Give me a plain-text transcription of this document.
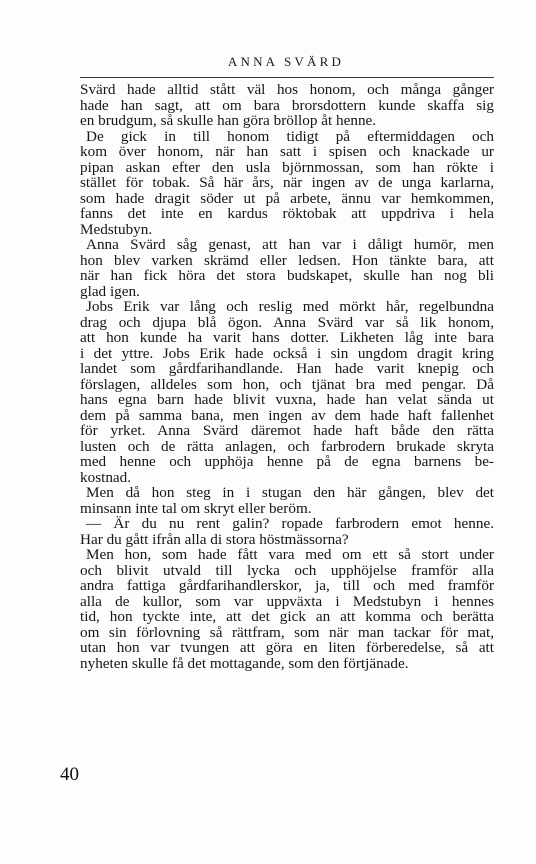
ANNA SVÄRD
Svärd hade alltid stått väl hos honom, och många gånger
hade han sagt, att om bara brorsdottern kunde skaffa sig
en brudgum, så skulle han göra bröllop åt henne.
De gick in till honom tidigt på eftermiddagen och
kom över honom, när han satt i spisen och knackade ur
pipan askan efter den usla björnmossan, som han rökte i
stället för tobak. Så här års, när ingen av de unga karlarna,
som hade dragit söder ut på arbete, ännu var hemkommen,
fanns det inte en kardus röktobak att uppdriva i hela
Medstubyn.
Anna Svärd såg genast, att han var i dåligt humör, men
hon blev varken skrämd eller ledsen. Hon tänkte bara, att
när han fick höra det stora budskapet, skulle han nog bli
glad igen.
Jobs Erik var lång och reslig med mörkt hår, regelbundna
drag och djupa blå ögon. Anna Svärd var så lik honom,
att hon kunde ha varit hans dotter. Likheten låg inte bara
i det yttre. Jobs Erik hade också i sin ungdom dragit kring
landet som gårdfarihandlande. Han hade varit knepig och
förslagen, alldeles som hon, och tjänat bra med pengar. Då
hans egna barn hade blivit vuxna, hade han velat sända ut
dem på samma bana, men ingen av dem hade haft fallenhet
för yrket. Anna Svärd däremot hade haft både den rätta
lusten och de rätta anlagen, och farbrodern brukade skryta
med henne och upphöja henne på de egna barnens be-
kostnad.
Men då hon steg in i stugan den här gången, blev det
minsann inte tal om skryt eller beröm.
— Är du nu rent galin? ropade farbrodern emot henne.
Har du gått ifrån alla di stora höstmässorna?
Men hon, som hade fått vara med om ett så stort under
och blivit utvald till lycka och upphöjelse framför alla
andra fattiga gårdfarihandlerskor, ja, till och med framför
alla de kullor, som var uppväxta i Medstubyn i hennes
tid, hon tyckte inte, att det gick an att komma och berätta
om sin förlovning så rättfram, som när man tackar för mat,
utan hon var tvungen att göra en liten förberedelse, så att
nyheten skulle få det mottagande, som den förtjänade.
40
